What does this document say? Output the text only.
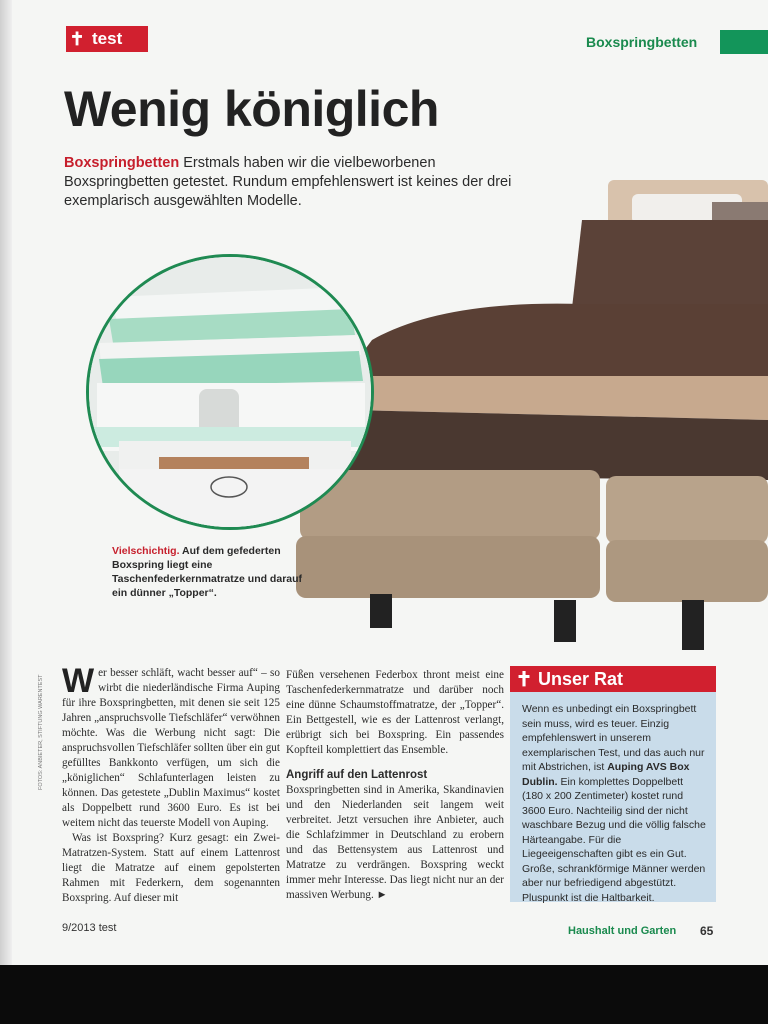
✝ test	Boxspringbetten
Wenig königlich
Boxspringbetten Erstmals haben wir die vielbeworbenen Boxspringbetten getestet. Rundum empfehlenswert ist keines der drei exemplarisch ausgewählten Modelle.
Vielschichtig. Auf dem gefederten Boxspring liegt eine Taschenfederkernmatratze und darauf ein dünner „Topper“.
FOTOS: ANBIETER, STIFTUNG WARENTEST Wer besser schläft, wacht besser auf“ – so wirbt die niederländische Firma Auping für ihre Boxspringbetten, mit denen sie seit 125 Jahren „anspruchsvolle Tiefschläfer“ verwöhnen möchte. Was die Werbung nicht sagt: Die anspruchsvollen Tiefschläfer sollten über ein gut gefülltes Bankkonto verfügen, um sich die „königlichen“ Schlafunterlagen leisten zu können. Das getestete „Dublin Maximus“ kostet als Doppelbett rund 3600 Euro. Es ist bei weitem nicht das teuerste Modell von Auping.
Was ist Boxspring? Kurz gesagt: ein Zwei-Matratzen-System. Statt auf einem Lattenrost liegt die Matratze auf einem gepolsterten Rahmen mit Federkern, dem sogenannten Boxspring. Auf dieser mit
Füßen versehenen Federbox thront meist eine Taschenfederkernmatratze und darüber noch eine dünne Schaumstoffmatratze, der „Topper“. Ein Bettgestell, wie es der Lattenrost verlangt, erübrigt sich bei Boxspring. Ein passendes Kopfteil komplettiert das Ensemble.
Angriff auf den Lattenrost
Boxspringbetten sind in Amerika, Skandinavien und den Niederlanden seit langem weit verbreitet. Jetzt versuchen ihre Anbieter, auch die Schlafzimmer in Deutschland zu erobern und das Bettensystem aus Lattenrost und Matratze zu verdrängen. Boxspring weckt immer mehr Interesse. Das liegt nicht nur an der massiven Werbung. ►
✝ Unser Rat
Wenn es unbedingt ein Boxspringbett sein muss, wird es teuer. Einzig empfehlenswert in unserem exemplarischen Test, und das auch nur mit Abstrichen, ist Auping AVS Box Dublin. Ein komplettes Doppelbett (180 x 200 Zentimeter) kostet rund 3600 Euro. Nachteilig sind der nicht waschbare Bezug und die völlig falsche Härteangabe. Für die Liegeeigenschaften gibt es ein Gut. Große, schrankförmige Männer werden aber nur befriedigend abgestützt. Pluspunkt ist die Haltbarkeit.
9/2013 test	Haushalt und Garten 65
